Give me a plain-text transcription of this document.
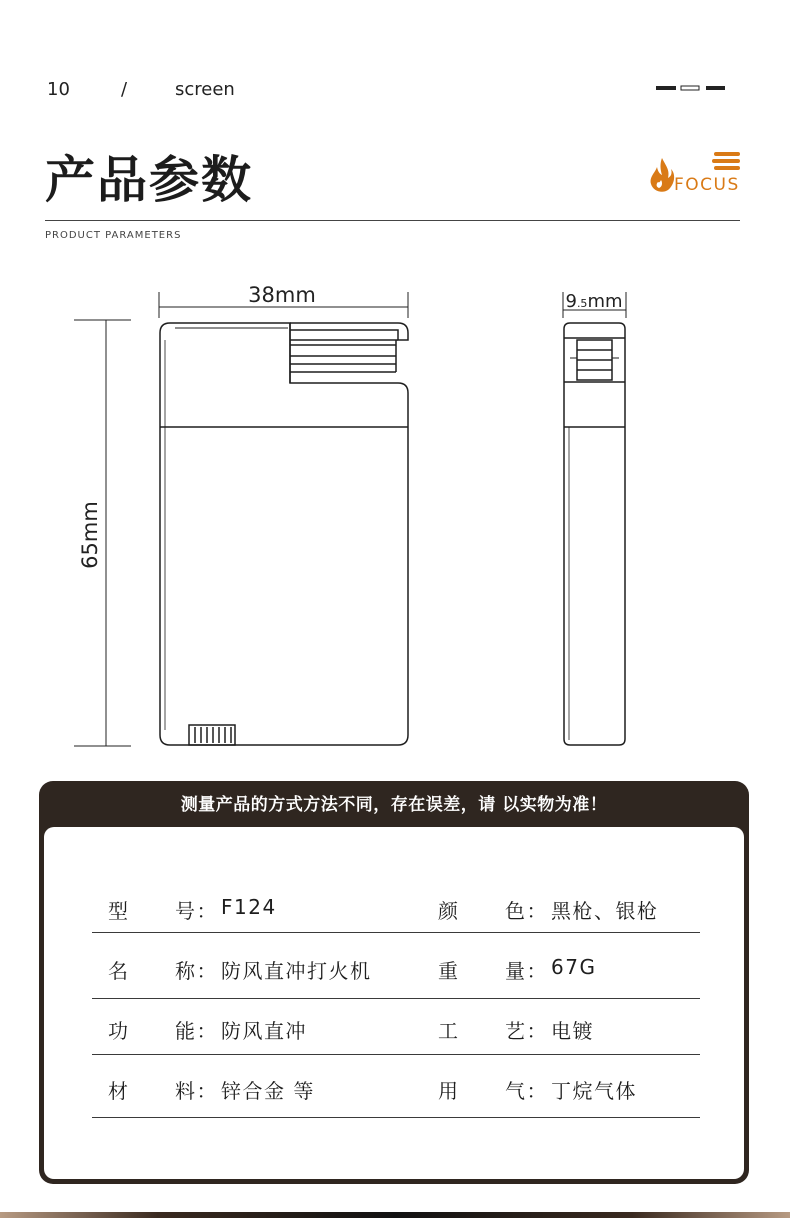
10	/	screen
产品参数
PRODUCT PARAMETERS
FOCUS
38mm
65mm
9.5mm
测量产品的方式方法不同，存在误差，请 以实物为准！
型 号： F124	颜 色： 黑枪、银枪
名 称： 防风直冲打火机	重 量： 67G
功 能： 防风直冲	工 艺： 电镀
材 料： 锌合金 等	用 气： 丁烷气体
